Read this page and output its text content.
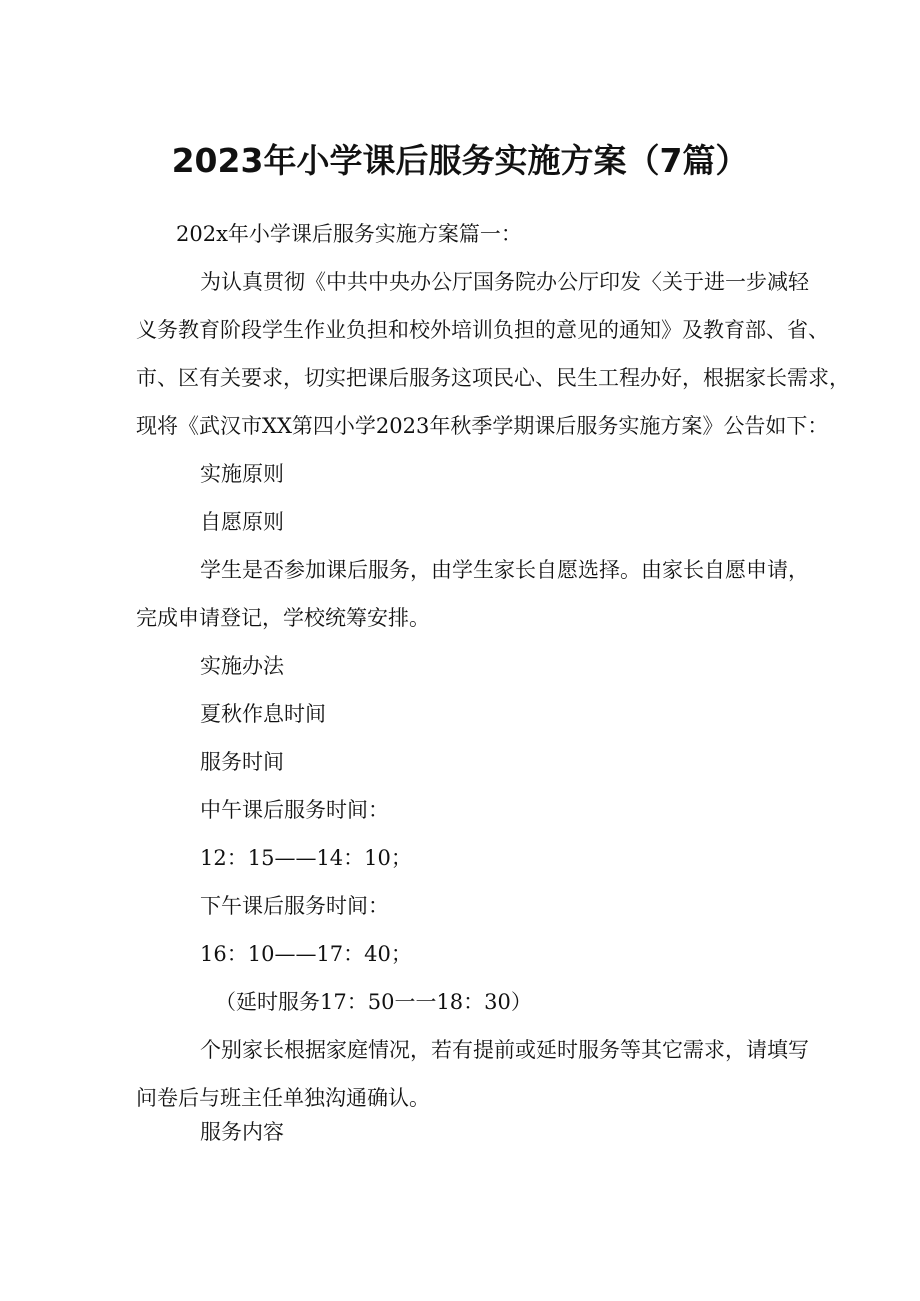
2023年小学课后服务实施方案（7篇）
202x年小学课后服务实施方案篇一：
为认真贯彻《中共中央办公厅国务院办公厅印发〈关于进一步减轻
义务教育阶段学生作业负担和校外培训负担的意见的通知》及教育部、省、
市、区有关要求，切实把课后服务这项民心、民生工程办好，根据家长需求，
现将《武汉市XX第四小学2023年秋季学期课后服务实施方案》公告如下：
实施原则
自愿原则
学生是否参加课后服务，由学生家长自愿选择。由家长自愿申请，
完成申请登记，学校统筹安排。
实施办法
夏秋作息时间
服务时间
中午课后服务时间：
12：15——14：10；
下午课后服务时间：
16：10——17：40；
（延时服务17：50一一18：30）
个别家长根据家庭情况，若有提前或延时服务等其它需求，请填写
问卷后与班主任单独沟通确认。
服务内容
